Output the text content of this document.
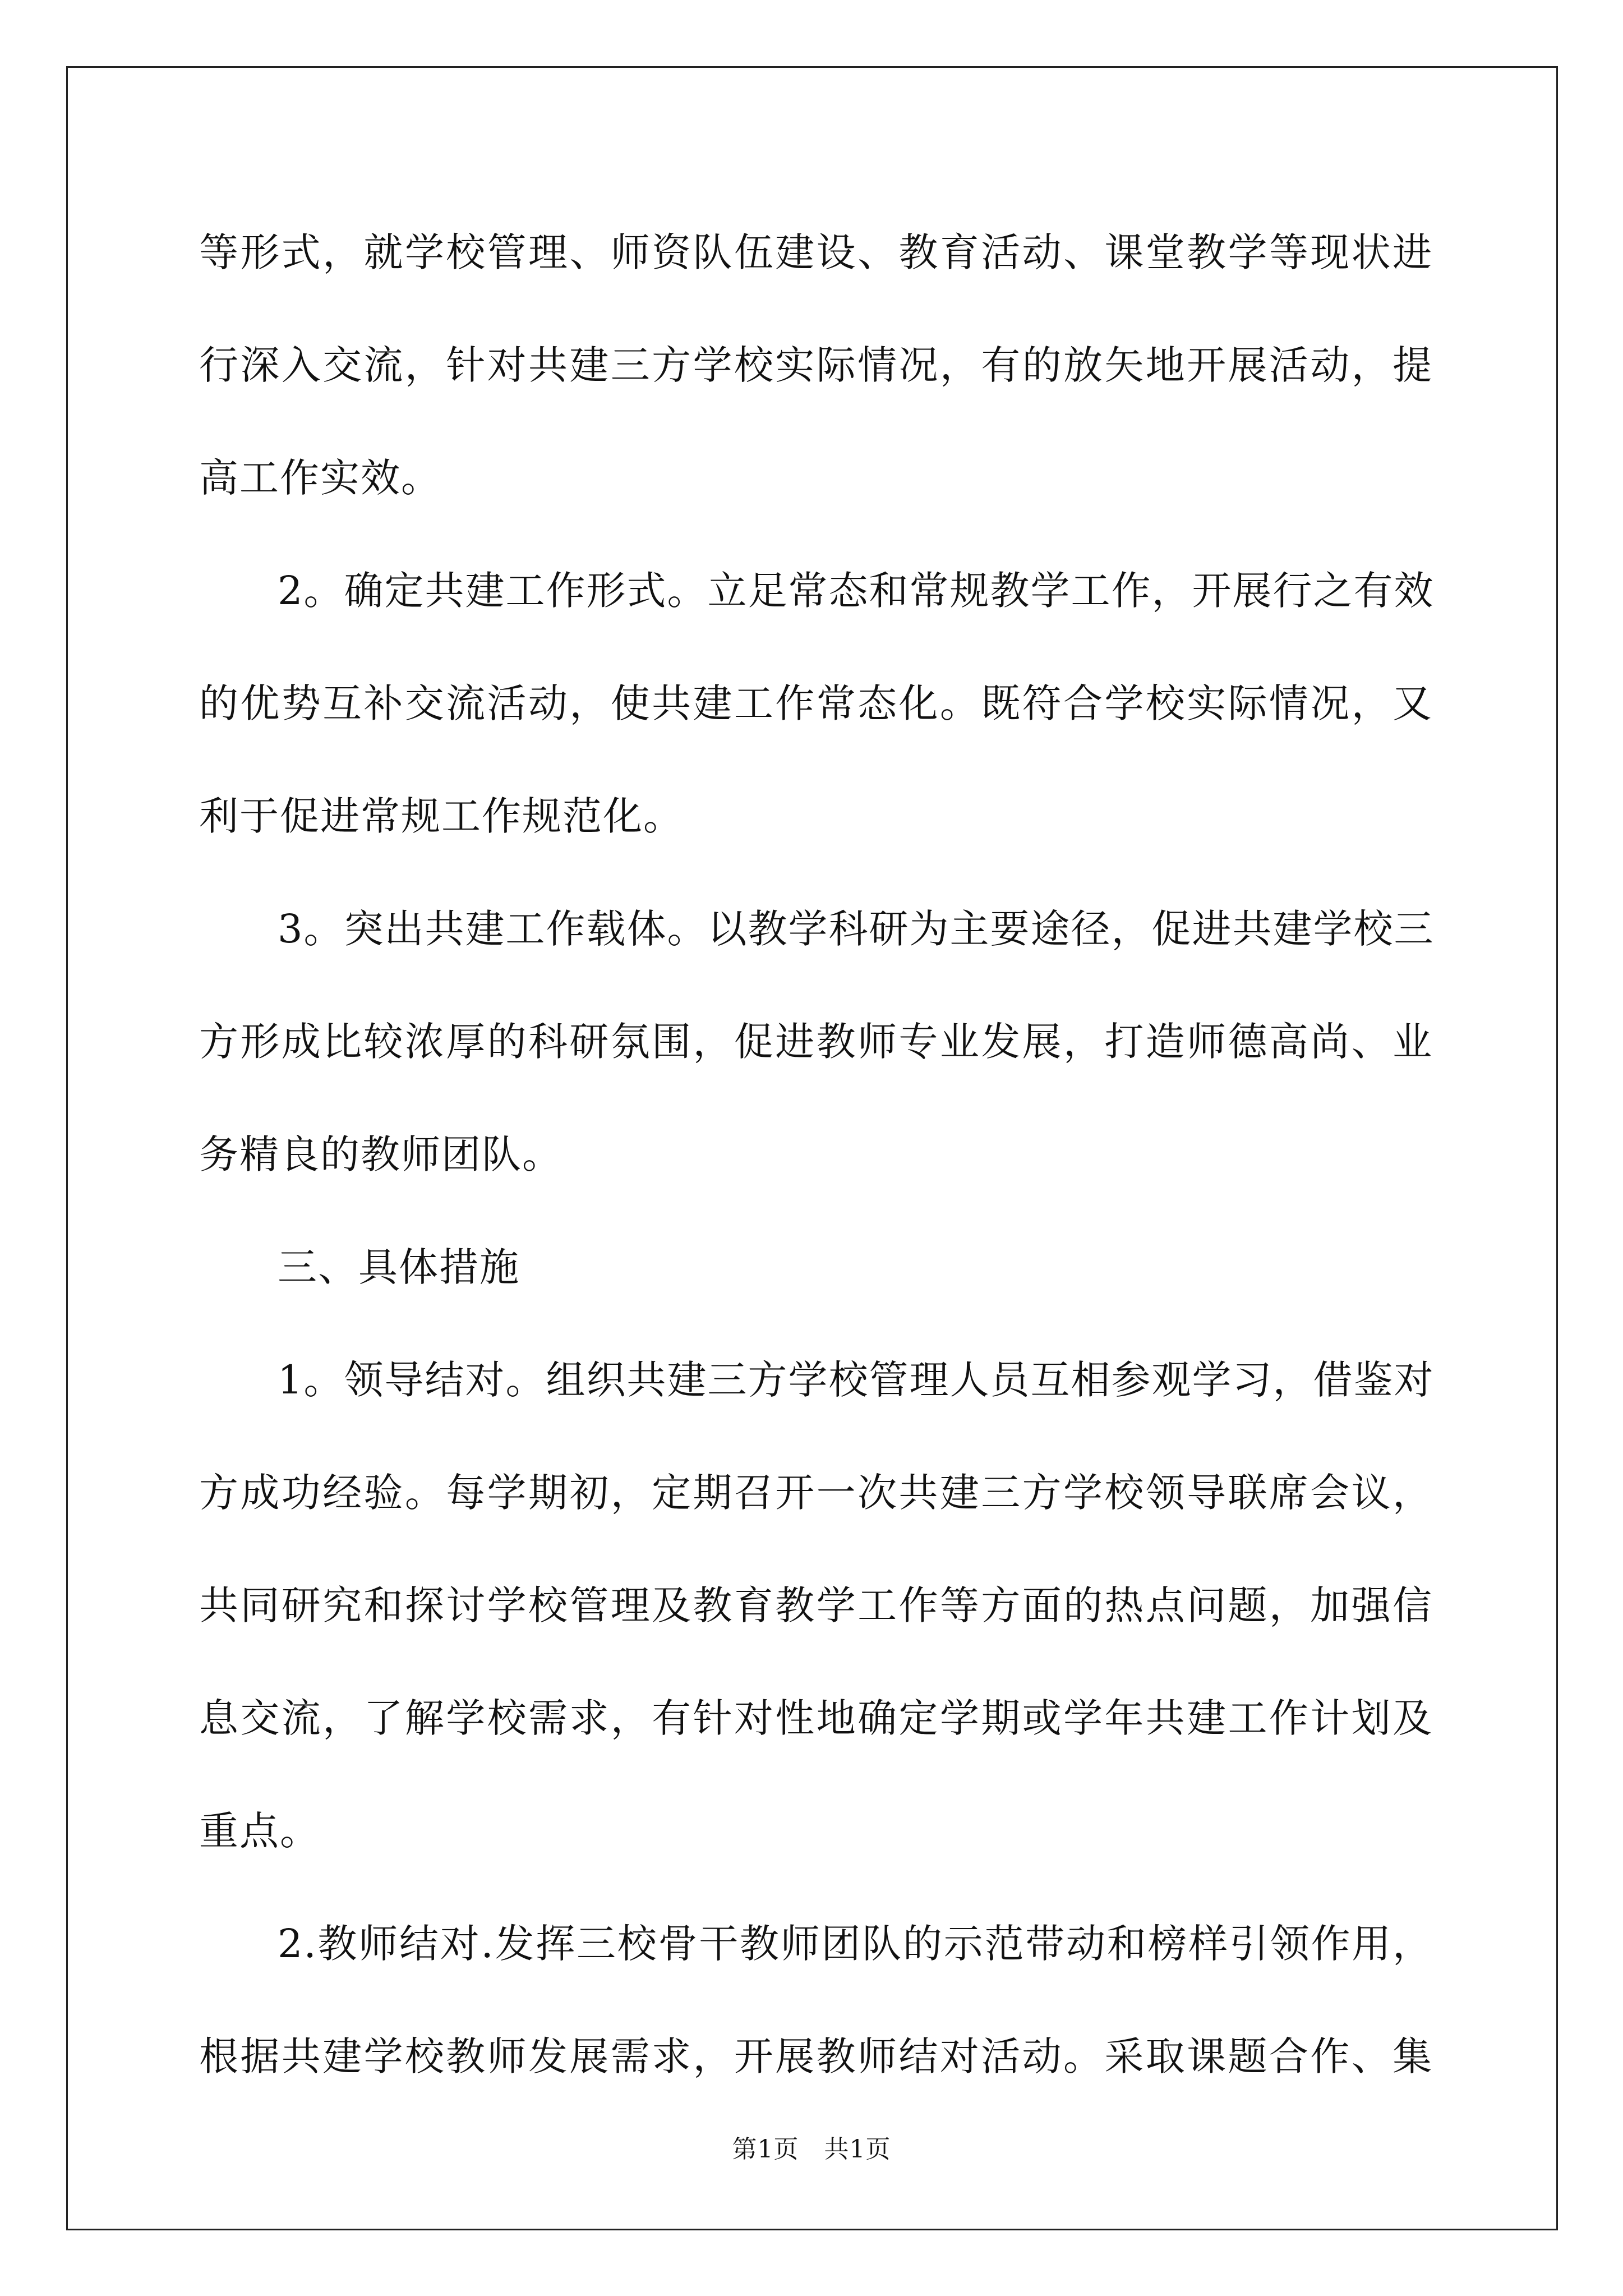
等形式，就学校管理、师资队伍建设、教育活动、课堂教学等现状进
行深入交流，针对共建三方学校实际情况，有的放矢地开展活动，提
高工作实效。
2。确定共建工作形式。立足常态和常规教学工作，开展行之有效
的优势互补交流活动，使共建工作常态化。既符合学校实际情况，又
利于促进常规工作规范化。
3。突出共建工作载体。以教学科研为主要途径，促进共建学校三
方形成比较浓厚的科研氛围，促进教师专业发展，打造师德高尚、业
务精良的教师团队。
三、具体措施
1。领导结对。组织共建三方学校管理人员互相参观学习，借鉴对
方成功经验。每学期初，定期召开一次共建三方学校领导联席会议，
共同研究和探讨学校管理及教育教学工作等方面的热点问题，加强信
息交流，了解学校需求，有针对性地确定学期或学年共建工作计划及
重点。
2.教师结对.发挥三校骨干教师团队的示范带动和榜样引领作用，
根据共建学校教师发展需求，开展教师结对活动。采取课题合作、集
第1页　共1页
